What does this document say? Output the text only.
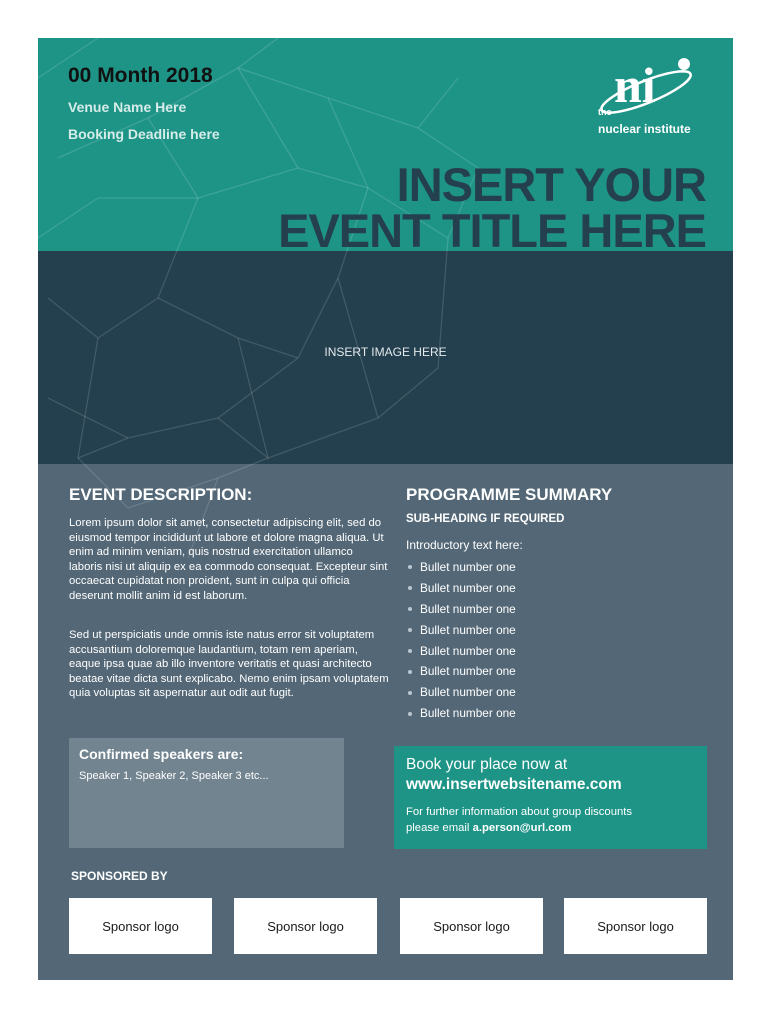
00 Month 2018
Venue Name Here
Booking Deadline here
ni
the
nuclear institute
INSERT YOUR
EVENT TITLE HERE
INSERT IMAGE HERE
EVENT DESCRIPTION:

Lorem ipsum dolor sit amet, consectetur adipiscing elit, sed do eiusmod tempor incididunt ut labore et dolore magna aliqua. Ut enim ad minim veniam, quis nostrud exercitation ullamco laboris nisi ut aliquip ex ea commodo consequat. Excepteur sint occaecat cupidatat non proident, sunt in culpa qui officia deserunt mollit anim id est laborum.

Sed ut perspiciatis unde omnis iste natus error sit voluptatem accusantium doloremque laudantium, totam rem aperiam, eaque ipsa quae ab illo inventore veritatis et quasi architecto beatae vitae dicta sunt explicabo. Nemo enim ipsam voluptatem quia voluptas sit aspernatur aut odit aut fugit.

PROGRAMME SUMMARY
SUB-HEADING IF REQUIRED
Introductory text here:
Bullet number one
Bullet number one
Bullet number one
Bullet number one
Bullet number one
Bullet number one
Bullet number one
Bullet number one
Confirmed speakers are:
Speaker 1, Speaker 2, Speaker 3 etc...
Book your place now at
www.insertwebsitename.com
For further information about group discounts
please email a.person@url.com
SPONSORED BY
Sponsor logo	Sponsor logo	Sponsor logo	Sponsor logo
